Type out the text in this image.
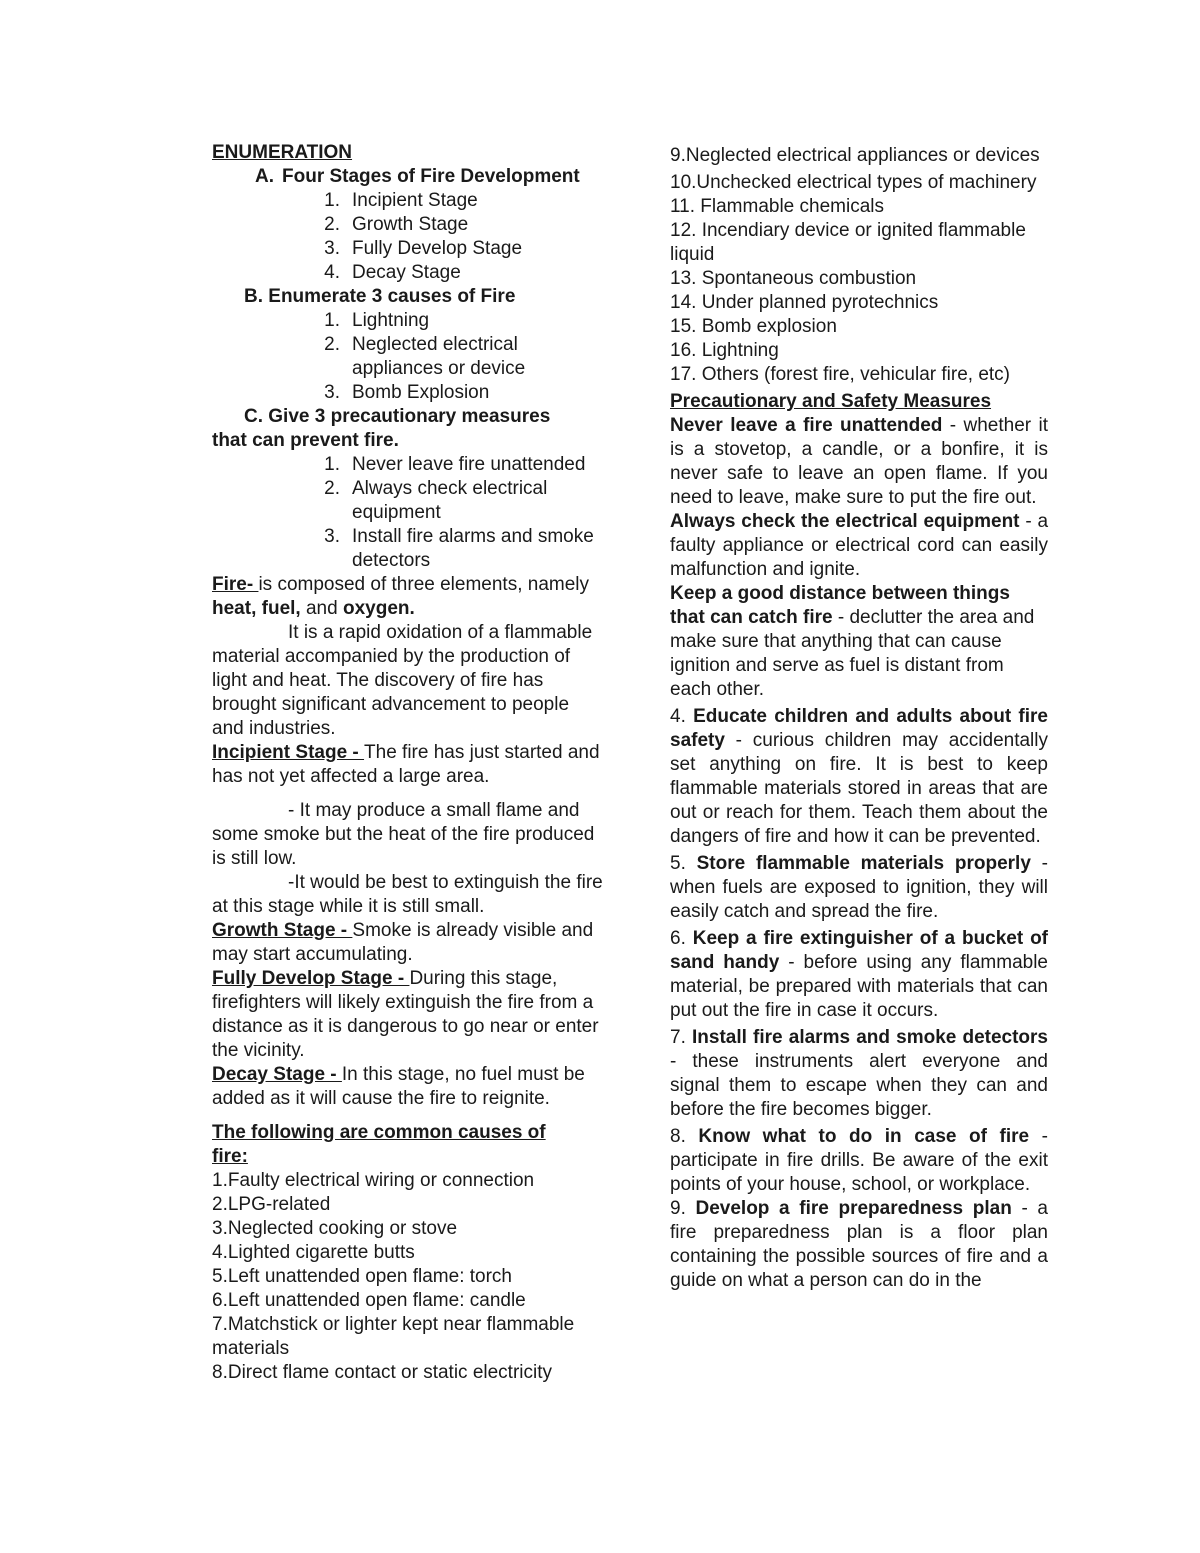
ENUMERATION

A. Four Stages of Fire Development
1. Incipient Stage
2. Growth Stage
3. Fully Develop Stage
4. Decay Stage

B. Enumerate 3 causes of Fire

1. Lightning
2. Neglected electrical appliances or device
3. Bomb Explosion

C. Give 3 precautionary measures

that can prevent fire.

1. Never leave fire unattended
2. Always check electrical equipment
3. Install fire alarms and smoke detectors

Fire- is composed of three elements, namely heat, fuel, and oxygen.

It is a rapid oxidation of a flammable material accompanied by the production of light and heat. The discovery of fire has brought significant advancement to people and industries.

Incipient Stage - The fire has just started and has not yet affected a large area.

- It may produce a small flame and some smoke but the heat of the fire produced is still low.

-It would be best to extinguish the fire at this stage while it is still small.

Growth Stage - Smoke is already visible and may start accumulating.

Fully Develop Stage - During this stage, firefighters will likely extinguish the fire from a distance as it is dangerous to go near or enter the vicinity.

Decay Stage - In this stage, no fuel must be added as it will cause the fire to reignite.

The following are common causes of fire:

1.Faulty electrical wiring or connection

2.LPG-related

3.Neglected cooking or stove

4.Lighted cigarette butts

5.Left unattended open flame: torch

6.Left unattended open flame: candle

7.Matchstick or lighter kept near flammable materials

8.Direct flame contact or static electricity

9.Neglected electrical appliances or devices

10.Unchecked electrical types of machinery

11. Flammable chemicals

12. Incendiary device or ignited flammable liquid

13. Spontaneous combustion

14. Under planned pyrotechnics

15. Bomb explosion

16. Lightning

17. Others (forest fire, vehicular fire, etc)

Precautionary and Safety Measures

Never leave a fire unattended - whether it is a stovetop, a candle, or a bonfire, it is never safe to leave an open flame. If you need to leave, make sure to put the fire out.

Always check the electrical equipment - a faulty appliance or electrical cord can easily malfunction and ignite.

Keep a good distance between things that can catch fire - declutter the area and make sure that anything that can cause ignition and serve as fuel is distant from each other.

4. Educate children and adults about fire safety - curious children may accidentally set anything on fire. It is best to keep flammable materials stored in areas that are out or reach for them. Teach them about the dangers of fire and how it can be prevented.

5. Store flammable materials properly - when fuels are exposed to ignition, they will easily catch and spread the fire.

6. Keep a fire extinguisher of a bucket of sand handy - before using any flammable material, be prepared with materials that can put out the fire in case it occurs.

7. Install fire alarms and smoke detectors - these instruments alert everyone and signal them to escape when they can and before the fire becomes bigger.

8. Know what to do in case of fire - participate in fire drills. Be aware of the exit points of your house, school, or workplace.

9. Develop a fire preparedness plan - a fire preparedness plan is a floor plan containing the possible sources of fire and a guide on what a person can do in the
